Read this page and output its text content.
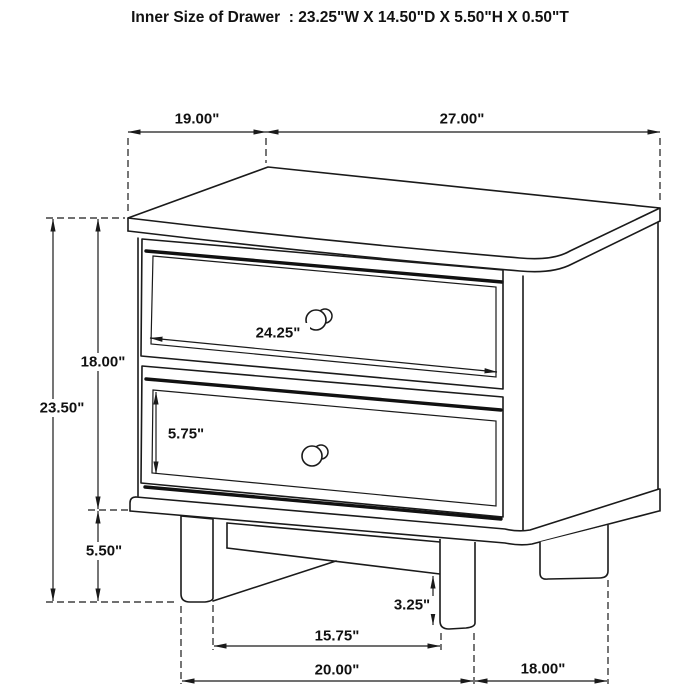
Inner Size of Drawer  : 23.25"W X 14.50"D X 5.50"H X 0.50"T
19.00"	27.00"
23.50"
18.00"
5.50"
24.25"
5.75"
3.25"
15.75"
20.00"	18.00"
